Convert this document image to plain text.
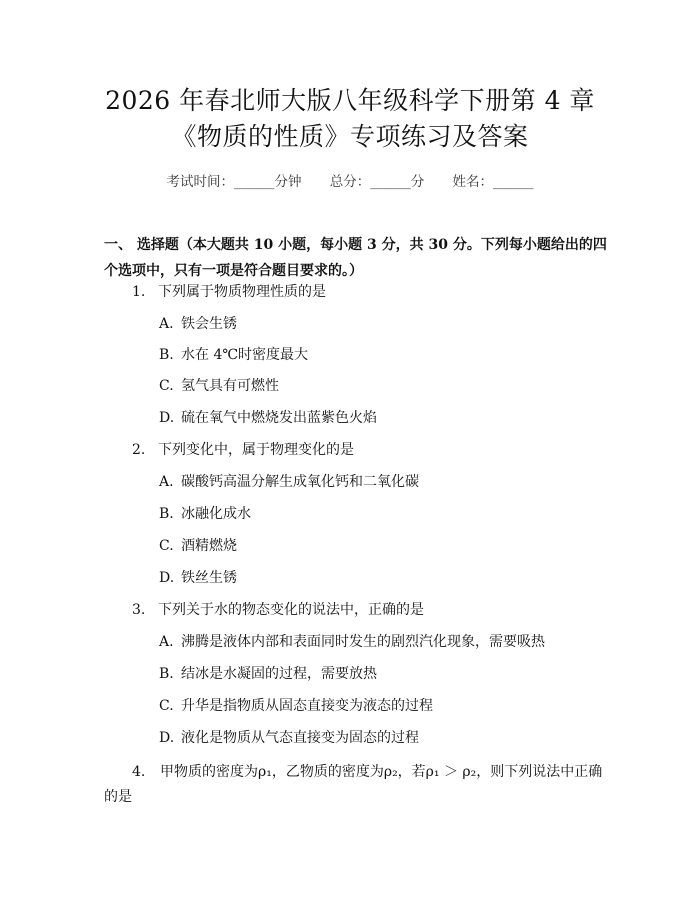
2026 年春北师大版八年级科学下册第 4 章
《物质的性质》专项练习及答案
考试时间：______分钟 总分：______分 姓名：______
一、 选择题（本大题共 10 小题，每小题 3 分，共 30 分。下列每小题给出的四个选项中，只有一项是符合题目要求的。）
1. 下列属于物质物理性质的是
A. 铁会生锈
B. 水在 4℃时密度最大
C. 氢气具有可燃性
D. 硫在氧气中燃烧发出蓝紫色火焰
2. 下列变化中，属于物理变化的是
A. 碳酸钙高温分解生成氧化钙和二氧化碳
B. 冰融化成水
C. 酒精燃烧
D. 铁丝生锈
3. 下列关于水的物态变化的说法中，正确的是
A. 沸腾是液体内部和表面同时发生的剧烈汽化现象，需要吸热
B. 结冰是水凝固的过程，需要放热
C. 升华是指物质从固态直接变为液态的过程
D. 液化是物质从气态直接变为固态的过程
4. 甲物质的密度为ρ₁，乙物质的密度为ρ₂，若ρ₁ ＞ ρ₂，则下列说法中正确的是
